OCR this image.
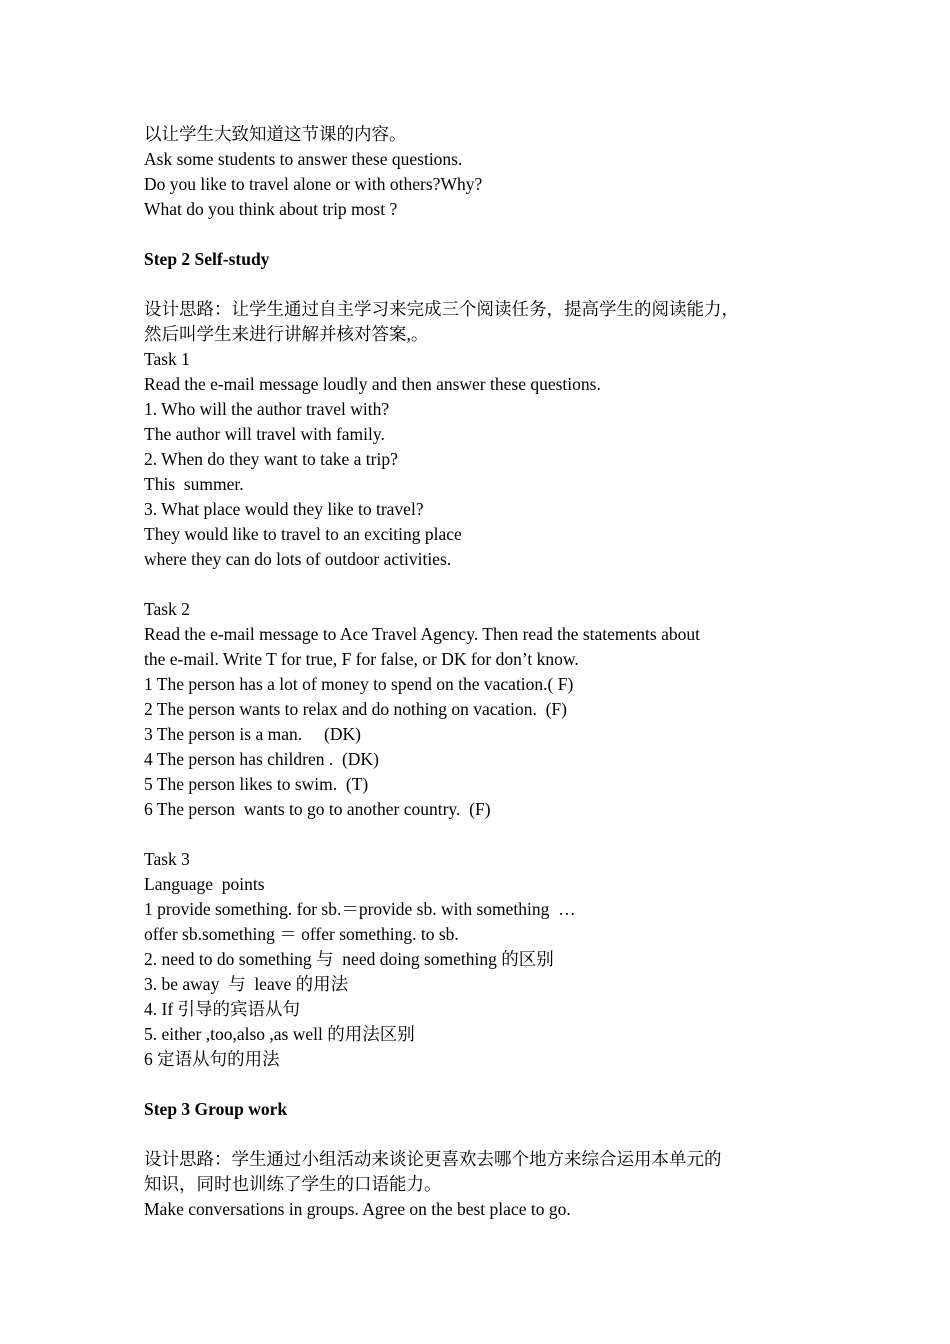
以让学生大致知道这节课的内容。
Ask some students to answer these questions.
Do you like to travel alone or with others?Why?
What do you think about trip most ?
Step 2 Self-study
设计思路：让学生通过自主学习来完成三个阅读任务，提高学生的阅读能力，
然后叫学生来进行讲解并核对答案,。
Task 1
Read the e-mail message loudly and then answer these questions.
1. Who will the author travel with?
The author will travel with family.
2. When do they want to take a trip?
This  summer.
3. What place would they like to travel?
They would like to travel to an exciting place
where they can do lots of outdoor activities.
Task 2
Read the e-mail message to Ace Travel Agency. Then read the statements about
the e-mail. Write T for true, F for false, or DK for don’t know.
1 The person has a lot of money to spend on the vacation.( F)
2 The person wants to relax and do nothing on vacation.  (F)
3 The person is a man.     (DK)
4 The person has children .  (DK)
5 The person likes to swim.  (T)
6 The person  wants to go to another country.  (F)
Task 3
Language  points
1 provide something. for sb.＝provide sb. with something  …
offer sb.something ＝ offer something. to sb.
2. need to do something 与  need doing something 的区别
3. be away  与  leave 的用法
4. If 引导的宾语从句
5. either ,too,also ,as well 的用法区别
6 定语从句的用法
Step 3 Group work
设计思路：学生通过小组活动来谈论更喜欢去哪个地方来综合运用本单元的
知识，同时也训练了学生的口语能力。
Make conversations in groups. Agree on the best place to go.
